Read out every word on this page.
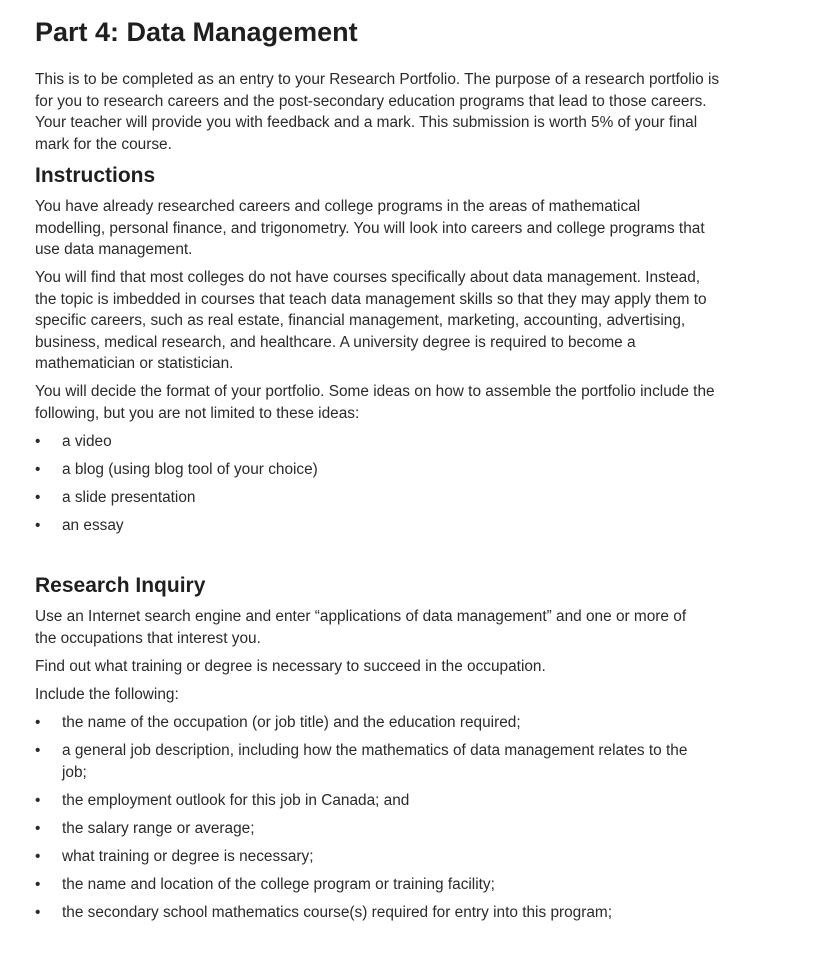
Part 4: Data Management

This is to be completed as an entry to your Research Portfolio. The purpose of a research portfolio is for you to research careers and the post-secondary education programs that lead to those careers. Your teacher will provide you with feedback and a mark. This submission is worth 5% of your final mark for the course.

Instructions

You have already researched careers and college programs in the areas of mathematical modelling, personal finance, and trigonometry. You will look into careers and college programs that use data management.

You will find that most colleges do not have courses specifically about data management. Instead, the topic is imbedded in courses that teach data management skills so that they may apply them to specific careers, such as real estate, financial management, marketing, accounting, advertising, business, medical research, and healthcare. A university degree is required to become a mathematician or statistician.

You will decide the format of your portfolio. Some ideas on how to assemble the portfolio include the following, but you are not limited to these ideas:

• a video
• a blog (using blog tool of your choice)
• a slide presentation
• an essay
Research Inquiry

Use an Internet search engine and enter “applications of data management” and one or more of the occupations that interest you.

Find out what training or degree is necessary to succeed in the occupation.

Include the following:

• the name of the occupation (or job title) and the education required;
• a general job description, including how the mathematics of data management relates to the job;
• the employment outlook for this job in Canada; and
• the salary range or average;
• what training or degree is necessary;
• the name and location of the college program or training facility;
• the secondary school mathematics course(s) required for entry into this program;
